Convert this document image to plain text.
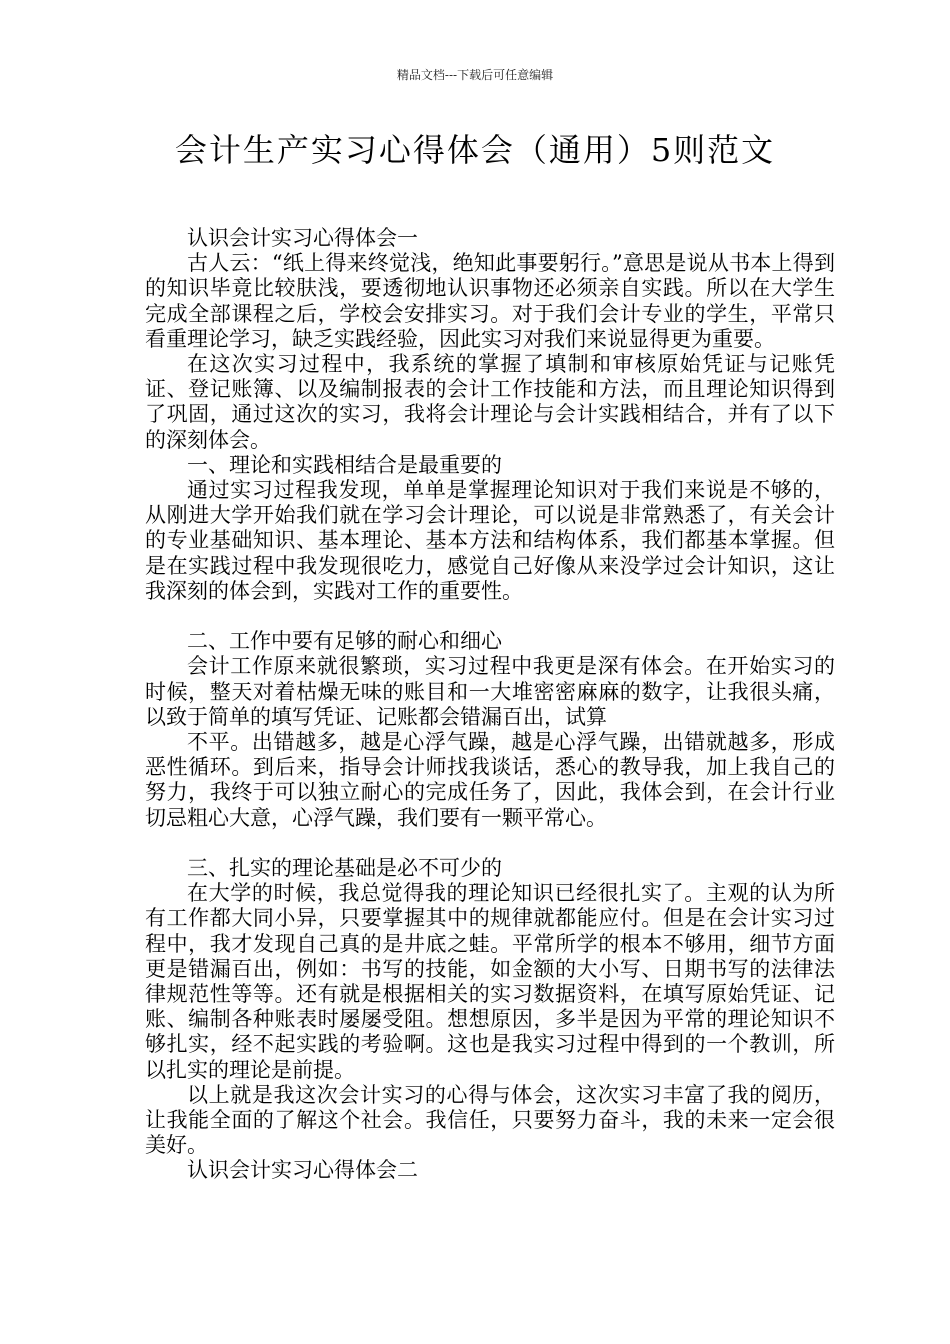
精品文档---下载后可任意编辑
会计生产实习心得体会（通用）5则范文

认识会计实习心得体会一

古人云：“纸上得来终觉浅，绝知此事要躬行。”意思是说从书本上得到的知识毕竟比较肤浅，要透彻地认识事物还必须亲自实践。所以在大学生完成全部课程之后，学校会安排实习。对于我们会计专业的学生，平常只看重理论学习，缺乏实践经验，因此实习对我们来说显得更为重要。

在这次实习过程中，我系统的掌握了填制和审核原始凭证与记账凭证、登记账簿、以及编制报表的会计工作技能和方法，而且理论知识得到了巩固，通过这次的实习，我将会计理论与会计实践相结合，并有了以下的深刻体会。

一、理论和实践相结合是最重要的

通过实习过程我发现，单单是掌握理论知识对于我们来说是不够的，从刚进大学开始我们就在学习会计理论，可以说是非常熟悉了，有关会计的专业基础知识、基本理论、基本方法和结构体系，我们都基本掌握。但是在实践过程中我发现很吃力，感觉自己好像从来没学过会计知识，这让我深刻的体会到，实践对工作的重要性。

二、工作中要有足够的耐心和细心

会计工作原来就很繁琐，实习过程中我更是深有体会。在开始实习的时候，整天对着枯燥无味的账目和一大堆密密麻麻的数字，让我很头痛，以致于简单的填写凭证、记账都会错漏百出，试算

不平。出错越多，越是心浮气躁，越是心浮气躁，出错就越多，形成恶性循环。到后来，指导会计师找我谈话，悉心的教导我，加上我自己的努力，我终于可以独立耐心的完成任务了，因此，我体会到，在会计行业切忌粗心大意，心浮气躁，我们要有一颗平常心。

三、扎实的理论基础是必不可少的

在大学的时候，我总觉得我的理论知识已经很扎实了。主观的认为所有工作都大同小异，只要掌握其中的规律就都能应付。但是在会计实习过程中，我才发现自己真的是井底之蛙。平常所学的根本不够用，细节方面更是错漏百出，例如：书写的技能，如金额的大小写、日期书写的法律法律规范性等等。还有就是根据相关的实习数据资料，在填写原始凭证、记账、编制各种账表时屡屡受阻。想想原因，多半是因为平常的理论知识不够扎实，经不起实践的考验啊。这也是我实习过程中得到的一个教训，所以扎实的理论是前提。

以上就是我这次会计实习的心得与体会，这次实习丰富了我的阅历，让我能全面的了解这个社会。我信任，只要努力奋斗，我的未来一定会很美好。

认识会计实习心得体会二
